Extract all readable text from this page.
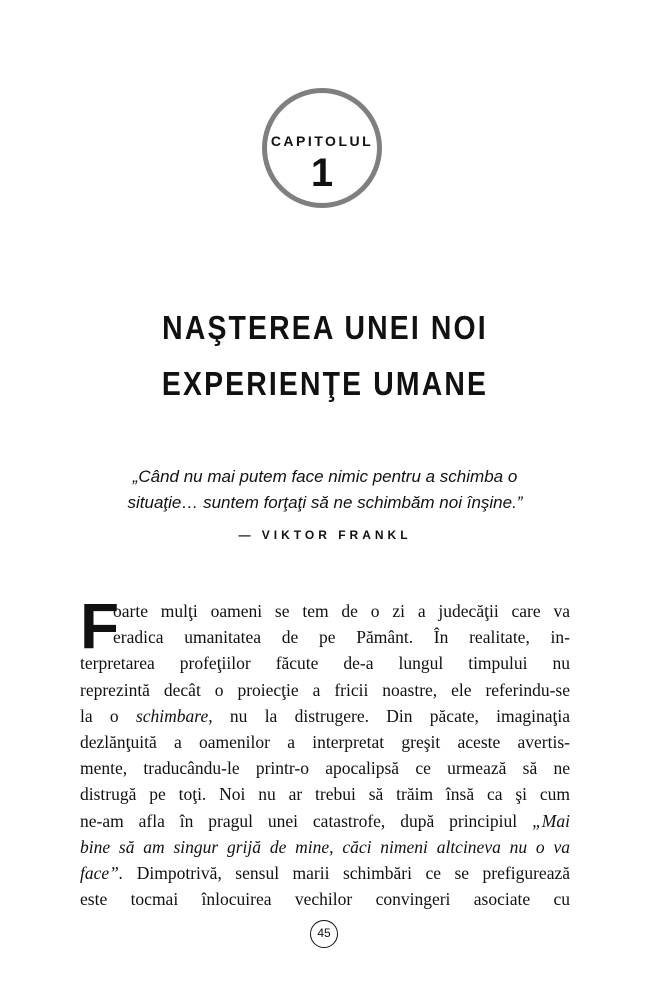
CAPITOLUL
1
NAŞTEREA UNEI NOI
EXPERIENŢE UMANE
„Când nu mai putem face nimic pentru a schimba o
situaţie… suntem forţaţi să ne schimbăm noi înşine.”
— VIKTOR FRANKL
F
oarte mulţi oameni se tem de o zi a judecăţii care va
eradica umanitatea de pe Pământ. În realitate, in-
terpretarea profeţiilor făcute de-a lungul timpului nu
reprezintă decât o proiecţie a fricii noastre, ele referindu-se
la o schimbare, nu la distrugere. Din păcate, imaginaţia
dezlănţuită a oamenilor a interpretat greşit aceste avertis-
mente, traducându-le printr-o apocalipsă ce urmează să ne
distrugă pe toţi. Noi nu ar trebui să trăim însă ca şi cum
ne-am afla în pragul unei catastrofe, după principiul „Mai
bine să am singur grijă de mine, căci nimeni altcineva nu o va
face”. Dimpotrivă, sensul marii schimbări ce se prefigurează
este tocmai înlocuirea vechilor convingeri asociate cu
45
